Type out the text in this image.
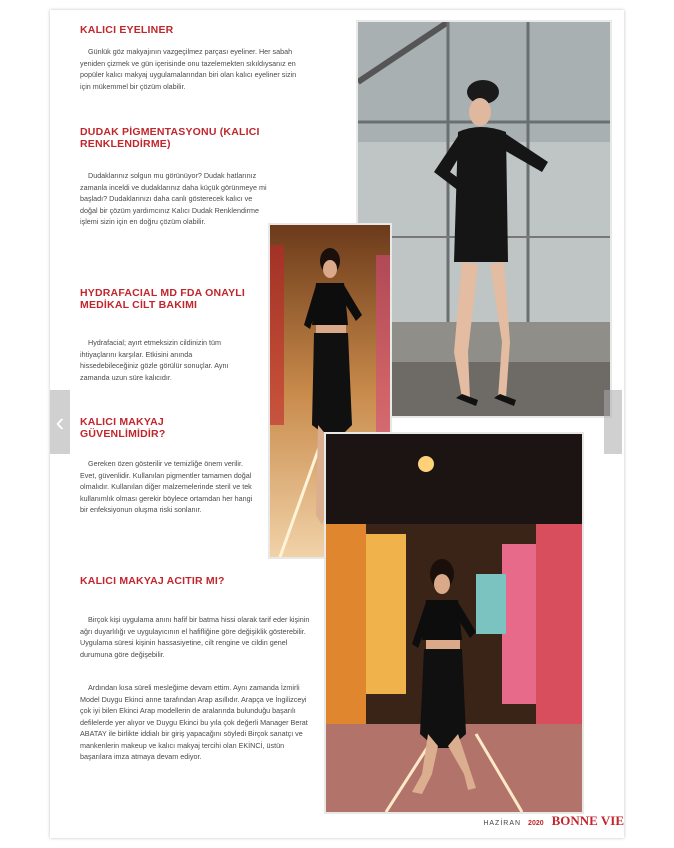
KALICI EYELINER
Günlük göz makyajının vazgeçilmez parçası eyeliner. Her sabah yeniden çizmek ve gün içerisinde onu tazelemekten sıkıldıysanız en popüler kalıcı makyaj uygulamalarından biri olan kalıcı eyeliner sizin için mükemmel bir çözüm olabilir.
DUDAK PİGMENTASYONU (KALICI RENKLENDİRME)
Dudaklarınız solgun mu görünüyor? Dudak hatlarınız zamanla inceldi ve dudaklarınız daha küçük görünmeye mi başladı? Dudaklarınızı daha canlı gösterecek kalıcı ve doğal bir çözüm yardımcınız Kalıcı Dudak Renklendirme işlemi sizin için en doğru çözüm olabilir.
HYDRAFACIAL MD FDA ONAYLI MEDİKAL CİLT BAKIMI
Hydrafacial; ayırt etmeksizin cildinizin tüm ihtiyaçlarını karşılar. Etkisini anında hissedebileceğiniz gözle görülür sonuçlar. Aynı zamanda uzun süre kalıcıdır.
KALICI MAKYAJ GÜVENLİMİDİR?
Gereken özen gösterilir ve temizliğe önem verilir. Evet, güvenlidir. Kullanılan pigmentler tamamen doğal olmalıdır. Kullanılan diğer malzemelerinde steril ve tek kullanımlık olması gerekir böylece ortamdan her hangi bir enfeksiyonun oluşma riski sonlanır.
KALICI MAKYAJ ACITIR MI?
Birçok kişi uygulama anını hafif bir batma hissi olarak tarif eder kişinin ağrı duyarlılığı ve uygulayıcının el hafifliğine göre değişiklik gösterebilir. Uygulama süresi kişinin hassasiyetine, cilt rengine ve cildin genel durumuna göre değişebilir.
Ardından kısa süreli mesleğime devam ettim. Aynı zamanda İzmirli Model Duygu Ekinci anne tarafından Arap asıllıdır. Arapça ve İngilizceyi çok iyi bilen Ekinci Arap modellerin de aralarında bulunduğu başarılı defilelerde yer alıyor ve Duygu Ekinci bu yıla çok değerli Manager Berat ABATAY ile birlikte iddialı bir giriş yapacağını söyledi Birçok sanatçı ve mankenlerin makeup ve kalıcı makyaj tercihi olan EKİNCİ, üstün başarılara imza atmaya devam ediyor.
‹
HAZİRAN 2020 BONNE VIE
